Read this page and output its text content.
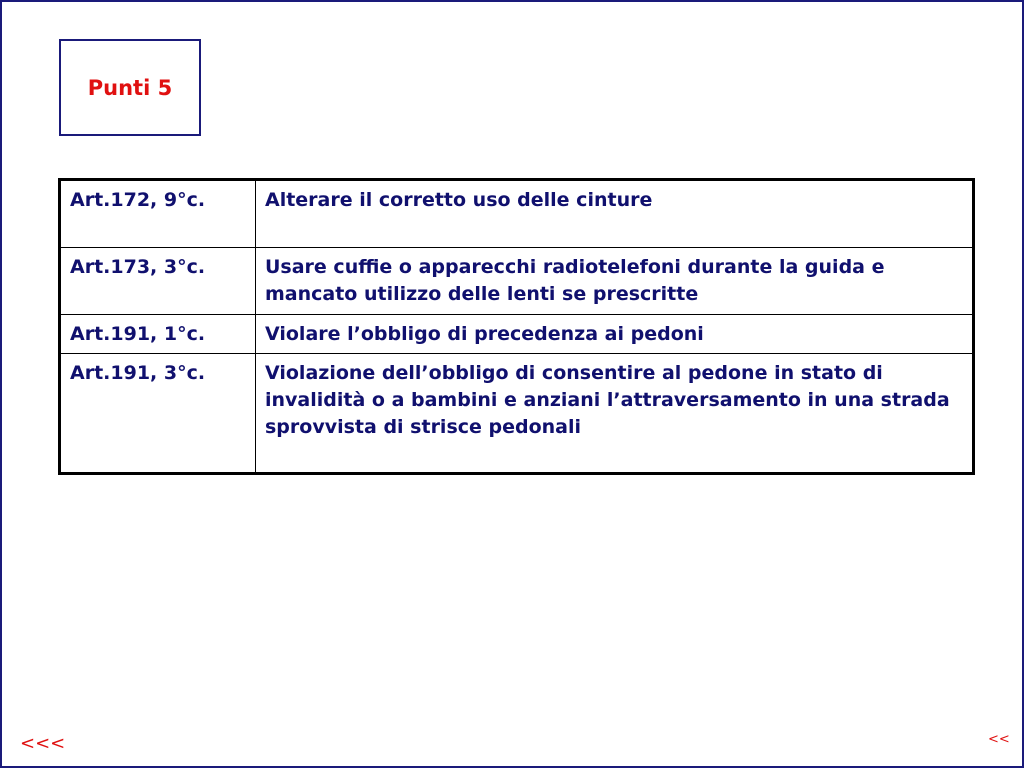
Punti 5
Art.172, 9°c.	Alterare il corretto uso delle cinture
Art.173, 3°c.	Usare cuffie o apparecchi radiotelefoni durante la guida e mancato utilizzo delle lenti se prescritte
Art.191, 1°c.	Violare l’obbligo di precedenza ai pedoni
Art.191, 3°c.	Violazione dell’obbligo di consentire al pedone in stato di invalidità o a bambini e anziani l’attraversamento in una strada sprovvista di strisce pedonali
<<<	<<
